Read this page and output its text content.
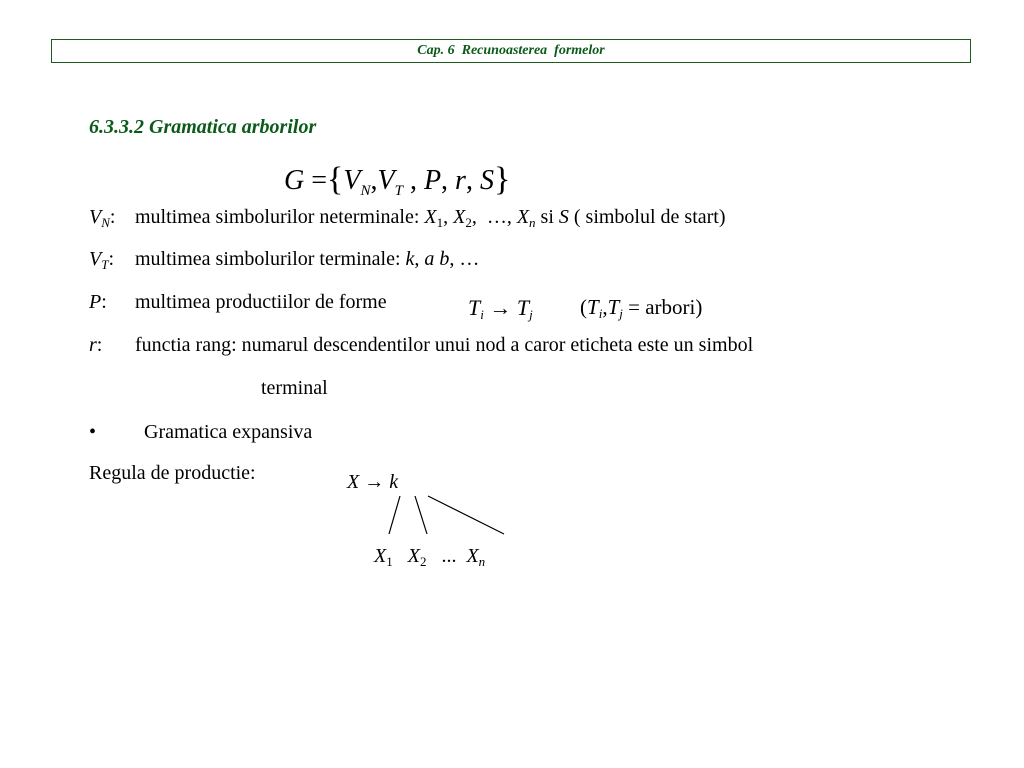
Cap. 6  Recunoasterea  formelor
6.3.3.2 Gramatica arborilor
$G =\{V_N,V_T$ , P, r, S}
$V_N$: multimea simbolurilor neterminale: $X_1$, $X_2$, …, $X_n$ si S ( simbolul de start)
$V_T$: multimea simbolurilor terminale: k, a b, …
P: multimea productiilor de forme	$T_i \to T_j$ ($T_i,T_j$ = arbori)
r: functia rang: numarul descendentilor unui nod a caror eticheta este un simbol
terminal
• Gramatica expansiva
Regula de productie:	X → k
$X_1$ $X_2$ ... $X_n$
